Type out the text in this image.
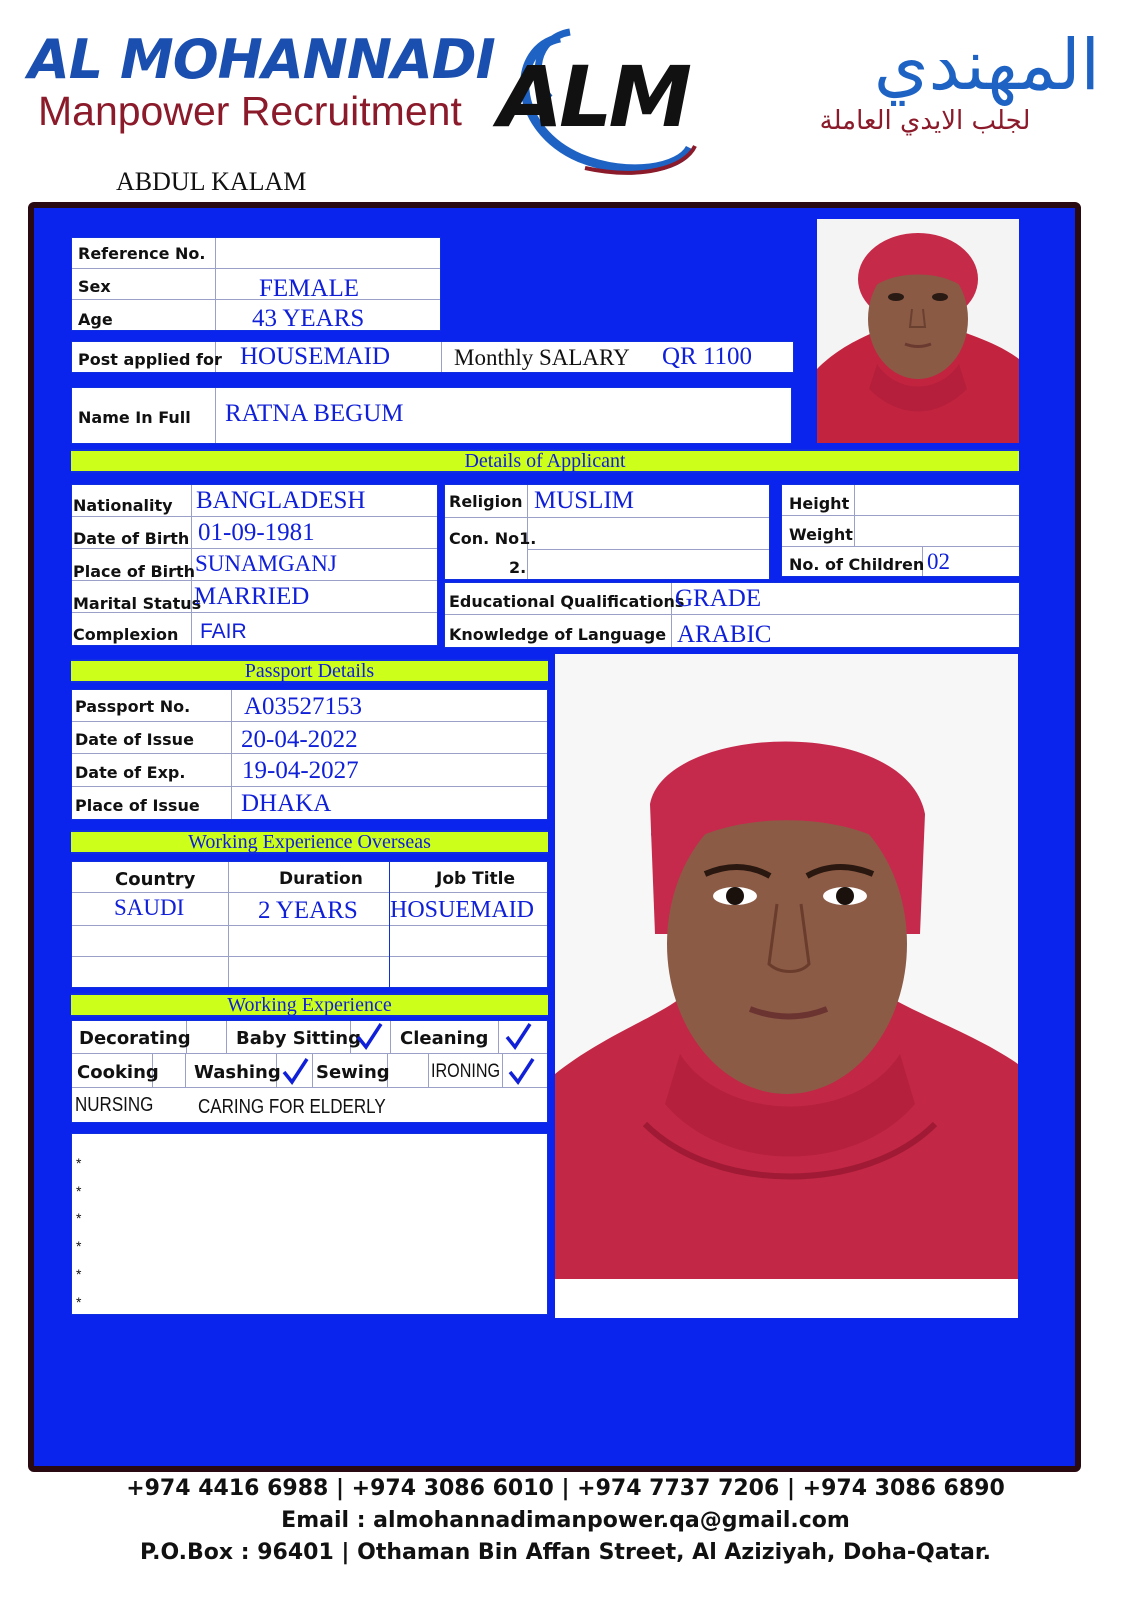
AL MOHANNADI
Manpower Recruitment ALM	المهندي
لجلب الايدي العاملة
ABDUL KALAM
Reference No.
Sex	FEMALE
Age	43 YEARS
Post applied for HOUSEMAID	Monthly SALARY QR 1100
Name In Full RATNA BEGUM
Details of Applicant
Nationality BANGLADESH
Date of Birth 01-09-1981
Place of Birth SUNAMGANJ
Marital Status
MARRIED
Complexion FAIR
Religion MUSLIM
Con. No1.
2.
Height
Weight
No. of Children 02
Educational Qualifications
GRADE
Knowledge of Language ARABIC
Passport Details
Passport No. A03527153
Date of Issue 20-04-2022
Date of Exp. 19-04-2027
Place of Issue DHAKA
Working Experience Overseas
Country	Duration	Job Title
SAUDI	2 YEARS HOSUEMAID
Working Experience
Decorating	Baby Sitting Cleaning
Cooking Washing Sewing IRONING
NURSING CARING FOR ELDERLY
*
*
*
*
*
*
+974 4416 6988 | +974 3086 6010 | +974 7737 7206 | +974 3086 6890
Email : almohannadimanpower.qa@gmail.com
P.O.Box : 96401 | Othaman Bin Affan Street, Al Aziziyah, Doha-Qatar.
